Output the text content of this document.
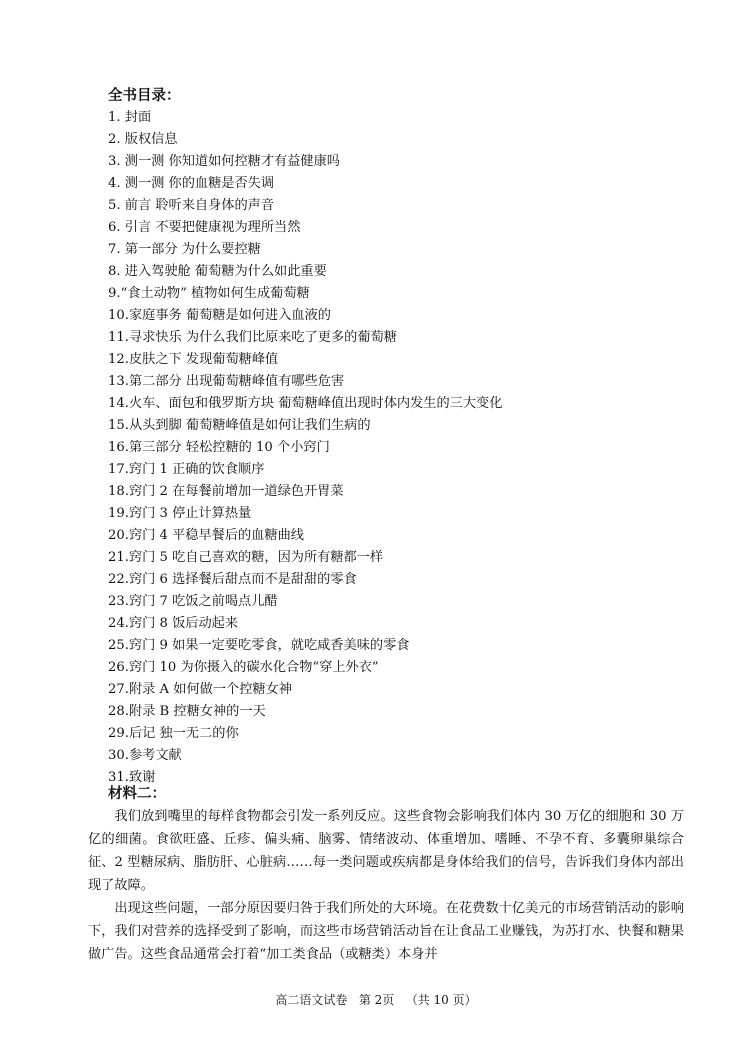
全书目录：
1. 封面
2. 版权信息
3. 测一测 你知道如何控糖才有益健康吗
4. 测一测 你的血糖是否失调
5. 前言 聆听来自身体的声音
6. 引言 不要把健康视为理所当然
7. 第一部分 为什么要控糖
8. 进入驾驶舱 葡萄糖为什么如此重要
9.“食土动物” 植物如何生成葡萄糖
10.家庭事务 葡萄糖是如何进入血液的
11.寻求快乐 为什么我们比原来吃了更多的葡萄糖
12.皮肤之下 发现葡萄糖峰值
13.第二部分 出现葡萄糖峰值有哪些危害
14.火车、面包和俄罗斯方块 葡萄糖峰值出现时体内发生的三大变化
15.从头到脚 葡萄糖峰值是如何让我们生病的
16.第三部分 轻松控糖的 10 个小窍门
17.窍门 1 正确的饮食顺序
18.窍门 2 在每餐前增加一道绿色开胃菜
19.窍门 3 停止计算热量
20.窍门 4 平稳早餐后的血糖曲线
21.窍门 5 吃自己喜欢的糖，因为所有糖都一样
22.窍门 6 选择餐后甜点而不是甜甜的零食
23.窍门 7 吃饭之前喝点儿醋
24.窍门 8 饭后动起来
25.窍门 9 如果一定要吃零食，就吃咸香美味的零食
26.窍门 10 为你摄入的碳水化合物“穿上外衣”
27.附录 A 如何做一个控糖女神
28.附录 B 控糖女神的一天
29.后记 独一无二的你
30.参考文献
31.致谢
材料二：

我们放到嘴里的每样食物都会引发一系列反应。这些食物会影响我们体内 30 万亿的细胞和 30 万亿的细菌。食欲旺盛、丘疹、偏头痛、脑雾、情绪波动、体重增加、嗜睡、不孕不育、多囊卵巢综合征、2 型糖尿病、脂肪肝、心脏病……每一类问题或疾病都是身体给我们的信号，告诉我们身体内部出现了故障。

出现这些问题，一部分原因要归咎于我们所处的大环境。在花费数十亿美元的市场营销活动的影响下，我们对营养的选择受到了影响，而这些市场营销活动旨在让食品工业赚钱，为苏打水、快餐和糖果做广告。这些食品通常会打着“加工类食品（或糖类）本身并

高二语文试卷 第 2页 （共 10 页）
